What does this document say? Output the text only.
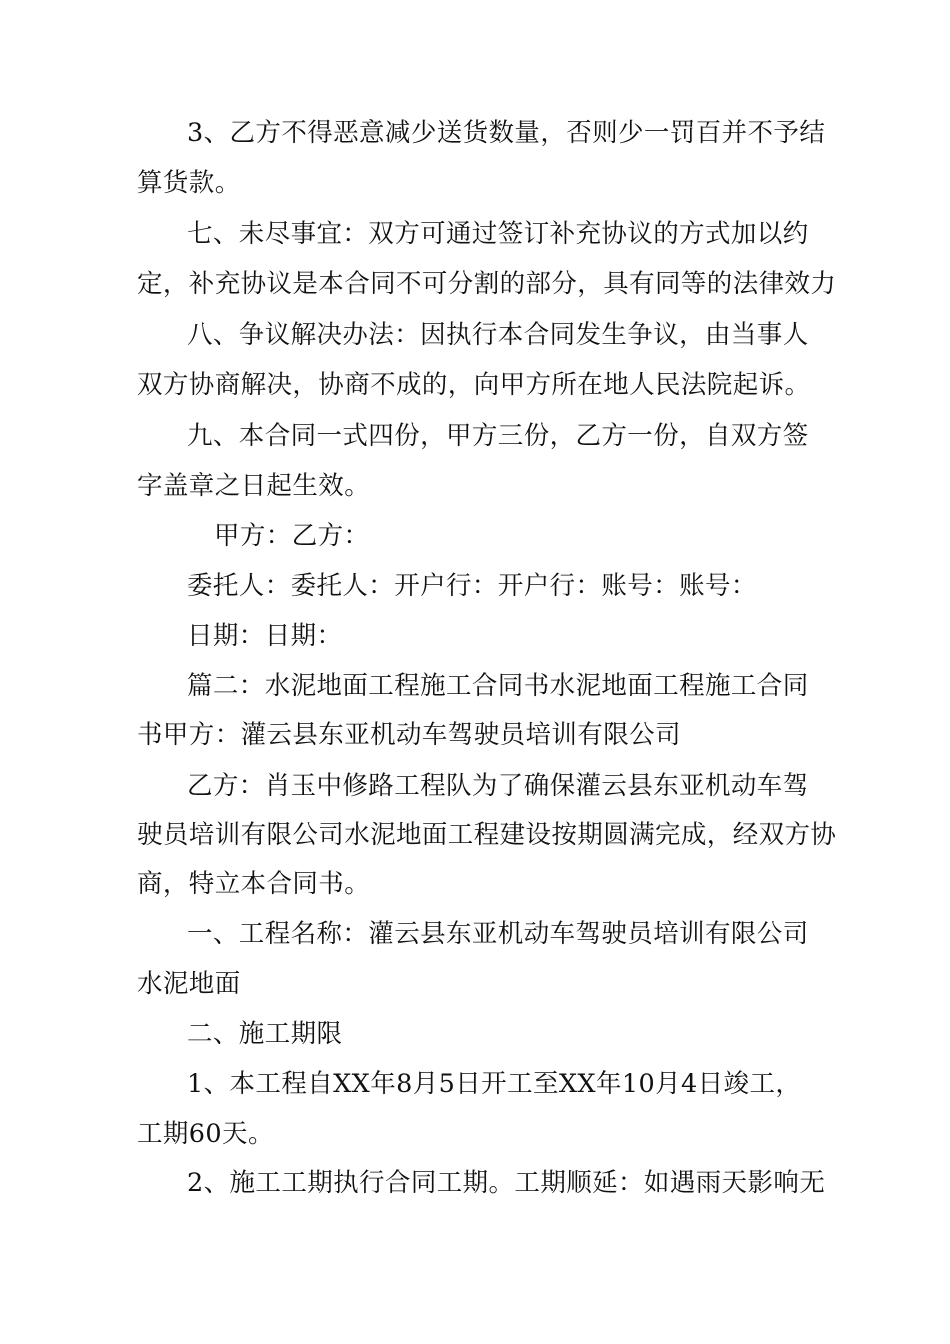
3、乙方不得恶意减少送货数量，否则少一罚百并不予结
算货款。
七、未尽事宜：双方可通过签订补充协议的方式加以约
定，补充协议是本合同不可分割的部分，具有同等的法律效力
八、争议解决办法：因执行本合同发生争议，由当事人
双方协商解决，协商不成的，向甲方所在地人民法院起诉。
九、本合同一式四份，甲方三份，乙方一份，自双方签
字盖章之日起生效。
甲方：乙方：
委托人：委托人：开户行：开户行：账号：账号：
日期：日期：
篇二：水泥地面工程施工合同书水泥地面工程施工合同
书甲方：灌云县东亚机动车驾驶员培训有限公司
乙方：肖玉中修路工程队为了确保灌云县东亚机动车驾
驶员培训有限公司水泥地面工程建设按期圆满完成，经双方协
商，特立本合同书。
一、工程名称：灌云县东亚机动车驾驶员培训有限公司
水泥地面
二、施工期限
1、本工程自XX年8月5日开工至XX年10月4日竣工，
工期60天。
2、施工工期执行合同工期。工期顺延：如遇雨天影响无
